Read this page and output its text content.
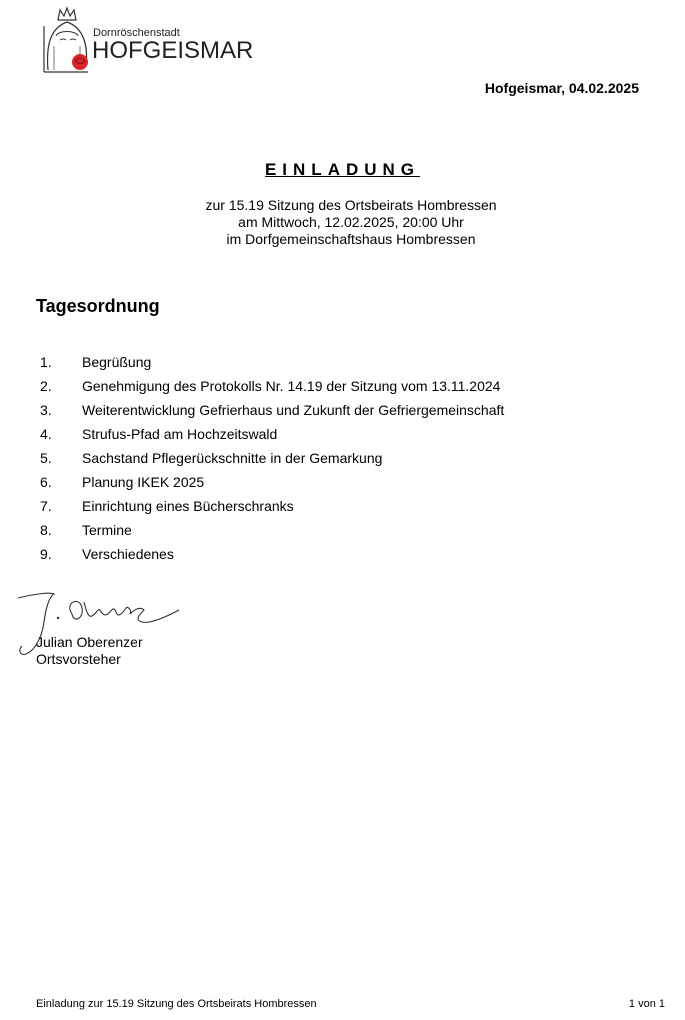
Dornröschenstadt
HOFGEISMAR
Hofgeismar, 04.02.2025
EINLADUNG
zur 15.19 Sitzung des Ortsbeirats Hombressen
am Mittwoch, 12.02.2025, 20:00 Uhr
im Dorfgemeinschaftshaus Hombressen
Tagesordnung
1.	Begrüßung
2.	Genehmigung des Protokolls Nr. 14.19 der Sitzung vom 13.11.2024
3.	Weiterentwicklung Gefrierhaus und Zukunft der Gefriergemeinschaft
4.	Strufus-Pfad am Hochzeitswald
5.	Sachstand Pflegerückschnitte in der Gemarkung
6.	Planung IKEK 2025
7.	Einrichtung eines Bücherschranks
8.	Termine
9.	Verschiedenes
Julian Oberenzer
Ortsvorsteher
Einladung zur 15.19 Sitzung des Ortsbeirats Hombressen	1 von 1
